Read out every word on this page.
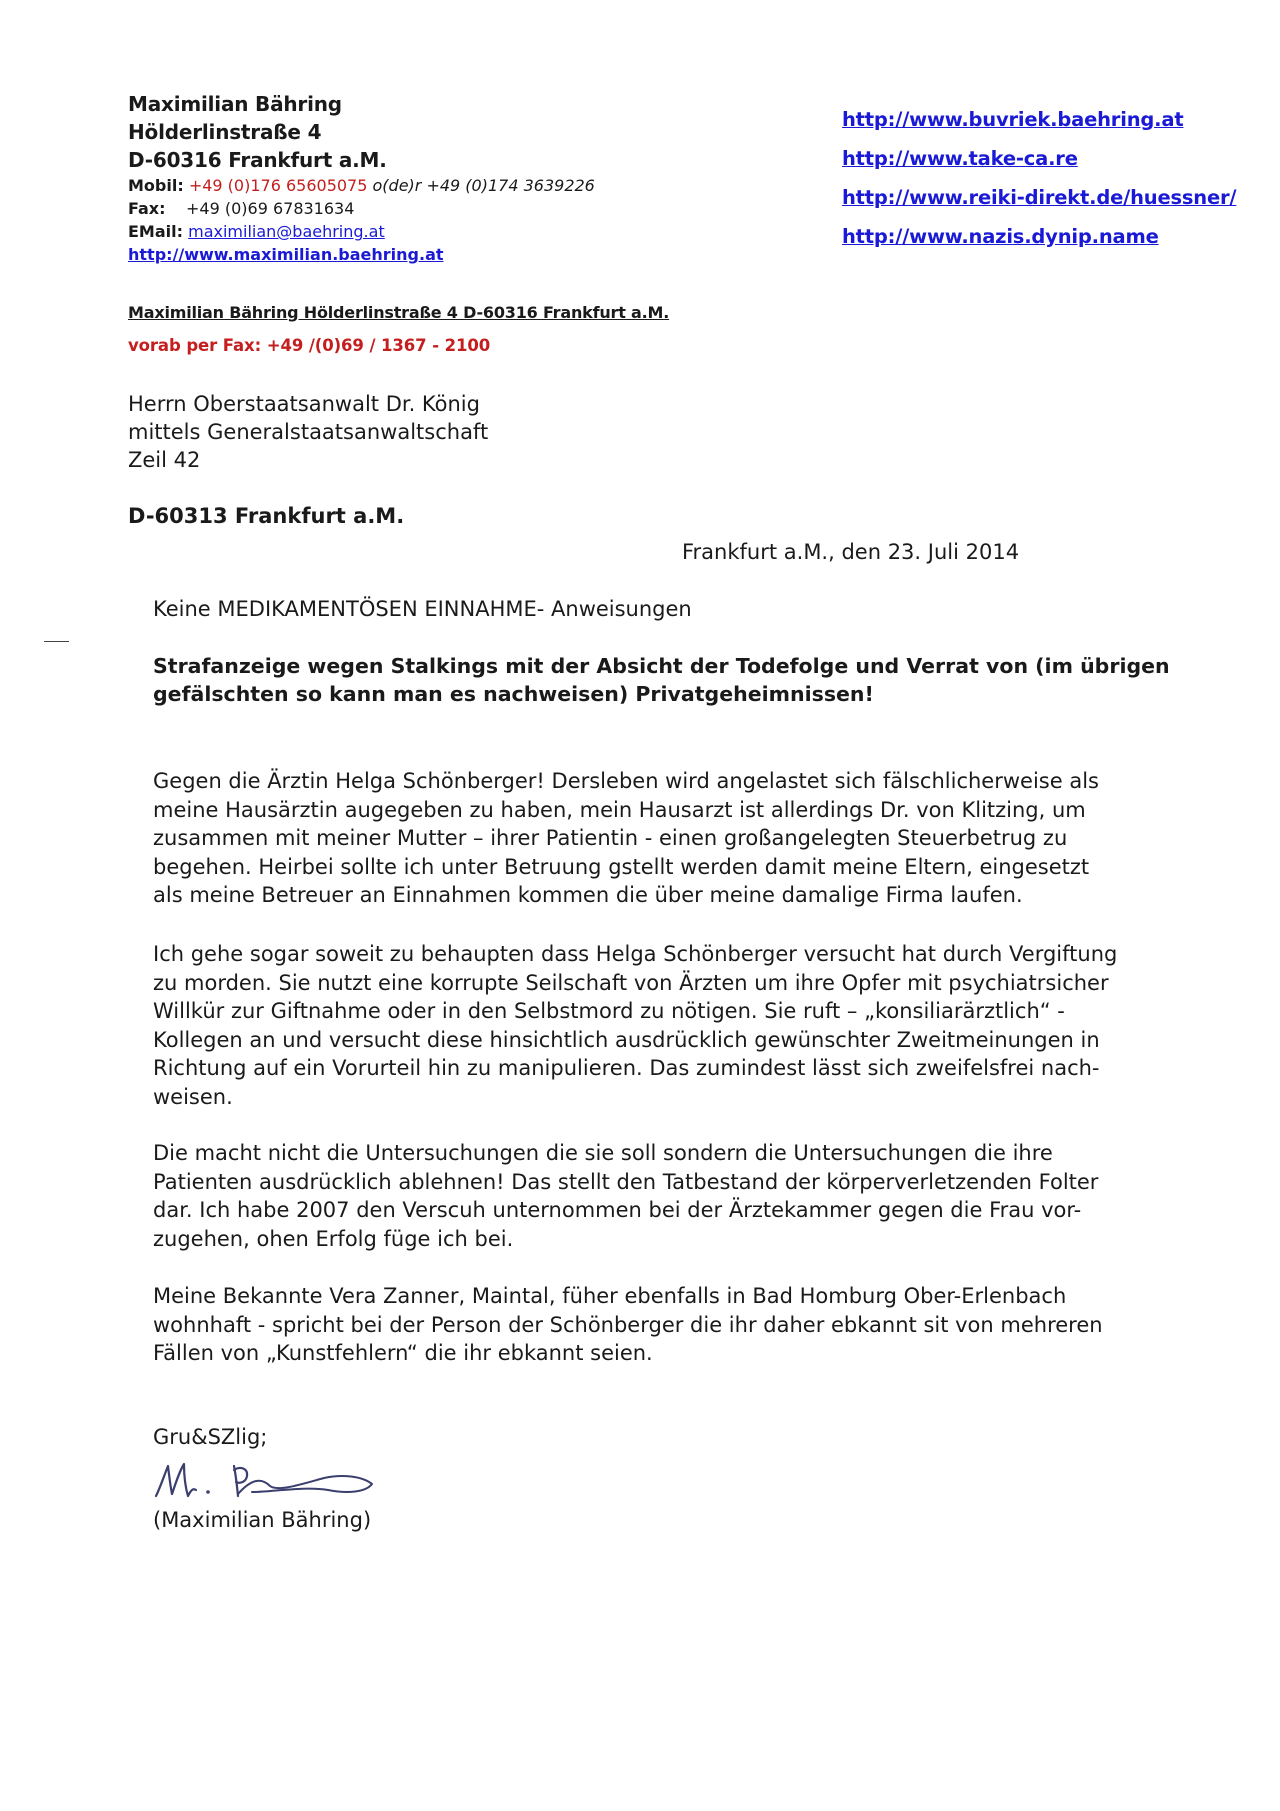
Maximilian Bähring
Hölderlinstraße 4
D-60316 Frankfurt a.M.
Mobil: +49 (0)176 65605075 o(de)r +49 (0)174 3639226
Fax: +49 (0)69 67831634
EMail: maximilian@baehring.at
http://www.maximilian.baehring.at
http://www.buvriek.baehring.at
http://www.take-ca.re
http://www.reiki-direkt.de/huessner/
http://www.nazis.dynip.name
Maximilian Bähring Hölderlinstraße 4 D-60316 Frankfurt a.M.
vorab per Fax: +49 /(0)69 / 1367 - 2100
Herrn Oberstaatsanwalt Dr. König
mittels Generalstaatsanwaltschaft
Zeil 42
D-60313 Frankfurt a.M.
Frankfurt a.M., den 23. Juli 2014
Keine MEDIKAMENTÖSEN EINNAHME- Anweisungen
Strafanzeige wegen Stalkings mit der Absicht der Todefolge und Verrat von (im übrigen
gefälschten so kann man es nachweisen) Privatgeheimnissen!
Gegen die Ärztin Helga Schönberger! Dersleben wird angelastet sich fälschlicherweise als
meine Hausärztin augegeben zu haben, mein Hausarzt ist allerdings Dr. von Klitzing, um
zusammen mit meiner Mutter – ihrer Patientin - einen großangelegten Steuerbetrug zu
begehen. Heirbei sollte ich unter Betruung gstellt werden damit meine Eltern, eingesetzt
als meine Betreuer an Einnahmen kommen die über meine damalige Firma laufen.
Ich gehe sogar soweit zu behaupten dass Helga Schönberger versucht hat durch Vergiftung
zu morden. Sie nutzt eine korrupte Seilschaft von Ärzten um ihre Opfer mit psychiatrsicher
Willkür zur Giftnahme oder in den Selbstmord zu nötigen. Sie ruft – „konsiliarärztlich“ -
Kollegen an und versucht diese hinsichtlich ausdrücklich gewünschter Zweitmeinungen in
Richtung auf ein Vorurteil hin zu manipulieren. Das zumindest lässt sich zweifelsfrei nach-
weisen.
Die macht nicht die Untersuchungen die sie soll sondern die Untersuchungen die ihre
Patienten ausdrücklich ablehnen! Das stellt den Tatbestand der körperverletzenden Folter
dar. Ich habe 2007 den Verscuh unternommen bei der Ärztekammer gegen die Frau vor-
zugehen, ohen Erfolg füge ich bei.
Meine Bekannte Vera Zanner, Maintal, füher ebenfalls in Bad Homburg Ober-Erlenbach
wohnhaft - spricht bei der Person der Schönberger die ihr daher ebkannt sit von mehreren
Fällen von „Kunstfehlern“ die ihr ebkannt seien.
Gru&SZlig;
(Maximilian Bähring)
